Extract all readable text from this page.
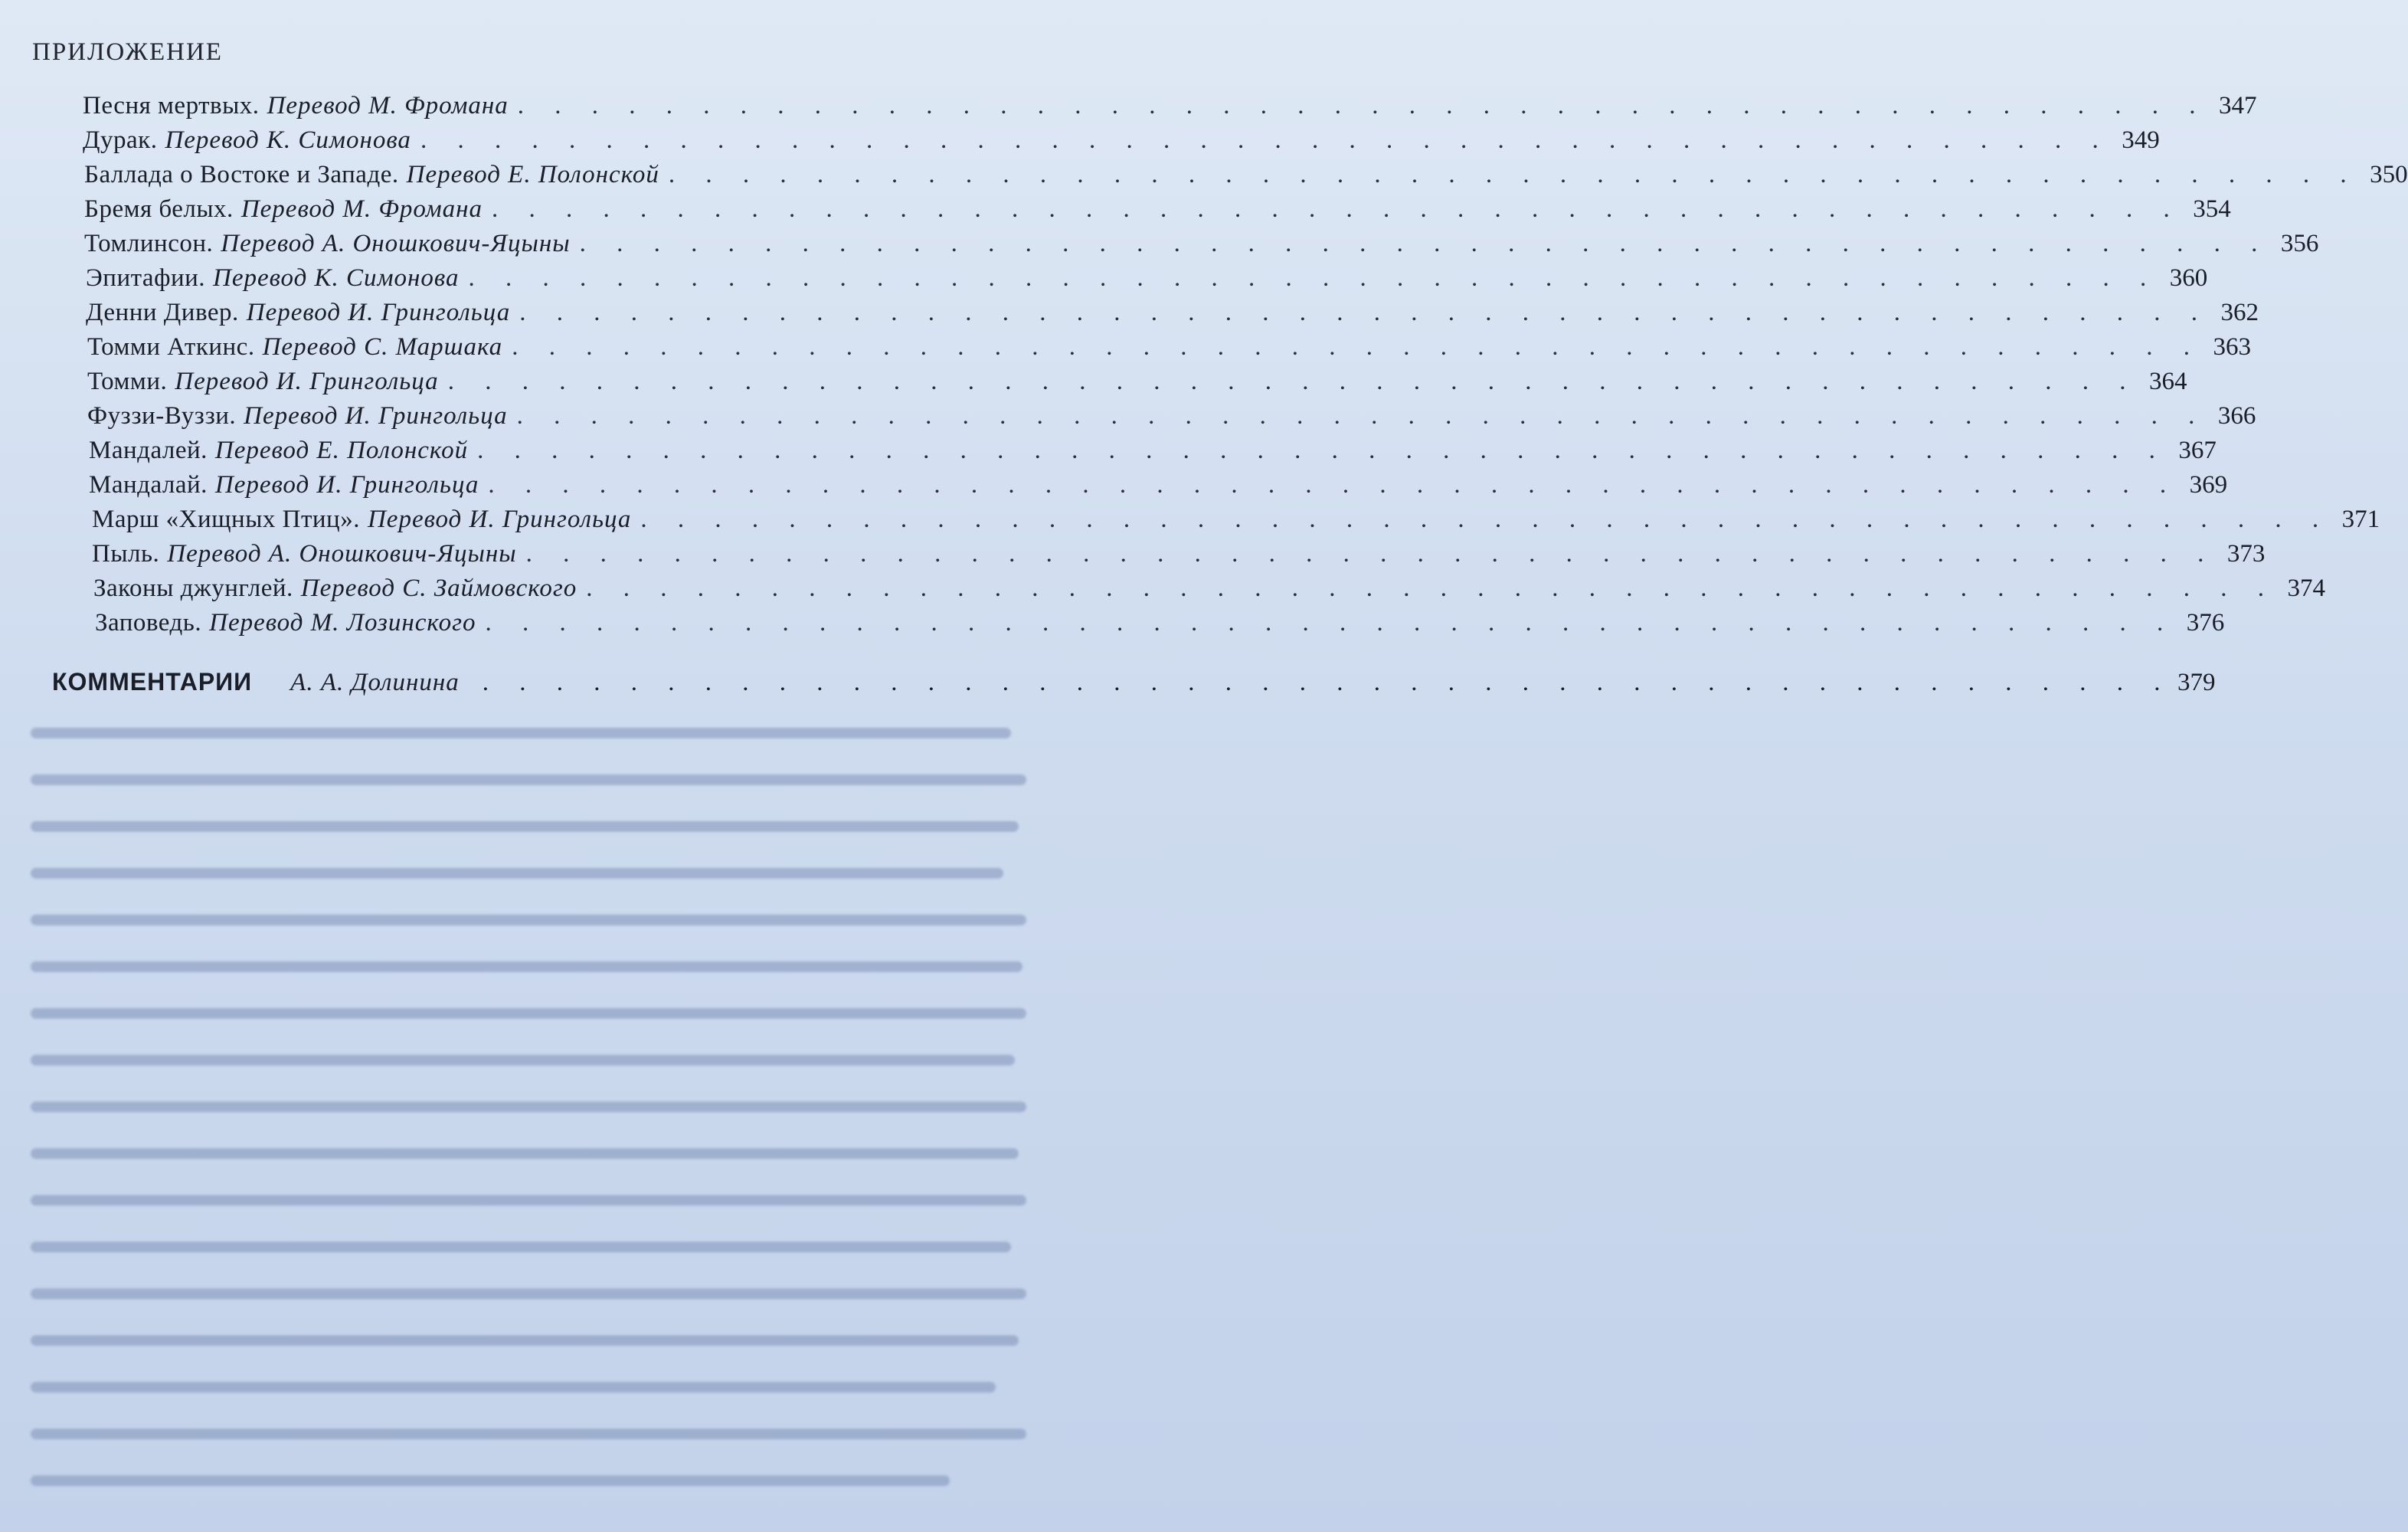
ПРИЛОЖЕНИЕ
Песня мертвых. Перевод М. Фромана . . . . . . . . . . . . . . . . . . . . . . . . . . . . . . . . . . . . . . . . . . . . . . 347
Дурак. Перевод К. Симонова . . . . . . . . . . . . . . . . . . . . . . . . . . . . . . . . . . . . . . . . . . . . . . 349
Баллада о Востоке и Западе. Перевод Е. Полонской . . . . . . . . . . . . . . . . . . . . . . . . . . . . . . . . . . . . . . . . . . . . . . 350
Бремя белых. Перевод М. Фромана . . . . . . . . . . . . . . . . . . . . . . . . . . . . . . . . . . . . . . . . . . . . . . 354
Томлинсон. Перевод А. Оношкович-Яцыны . . . . . . . . . . . . . . . . . . . . . . . . . . . . . . . . . . . . . . . . . . . . . . 356
Эпитафии. Перевод К. Симонова . . . . . . . . . . . . . . . . . . . . . . . . . . . . . . . . . . . . . . . . . . . . . . 360
Денни Дивер. Перевод И. Грингольца . . . . . . . . . . . . . . . . . . . . . . . . . . . . . . . . . . . . . . . . . . . . . . 362
Томми Аткинс. Перевод С. Маршака . . . . . . . . . . . . . . . . . . . . . . . . . . . . . . . . . . . . . . . . . . . . . . 363
Томми. Перевод И. Грингольца . . . . . . . . . . . . . . . . . . . . . . . . . . . . . . . . . . . . . . . . . . . . . . 364
Фуззи-Вуззи. Перевод И. Грингольца . . . . . . . . . . . . . . . . . . . . . . . . . . . . . . . . . . . . . . . . . . . . . . 366
Мандалей. Перевод Е. Полонской . . . . . . . . . . . . . . . . . . . . . . . . . . . . . . . . . . . . . . . . . . . . . . 367
Мандалай. Перевод И. Грингольца . . . . . . . . . . . . . . . . . . . . . . . . . . . . . . . . . . . . . . . . . . . . . . 369
Марш «Хищных Птиц». Перевод И. Грингольца . . . . . . . . . . . . . . . . . . . . . . . . . . . . . . . . . . . . . . . . . . . . . . 371
Пыль. Перевод А. Оношкович-Яцыны . . . . . . . . . . . . . . . . . . . . . . . . . . . . . . . . . . . . . . . . . . . . . . 373
Законы джунглей. Перевод С. Займовского . . . . . . . . . . . . . . . . . . . . . . . . . . . . . . . . . . . . . . . . . . . . . . 374
Заповедь. Перевод М. Лозинского . . . . . . . . . . . . . . . . . . . . . . . . . . . . . . . . . . . . . . . . . . . . . . 376
КОММЕНТАРИИ А. А. Долинина . . . . . . . . . . . . . . . . . . . . . . . . . . . . . . . . . . . . . . . . . . . . . . 379
